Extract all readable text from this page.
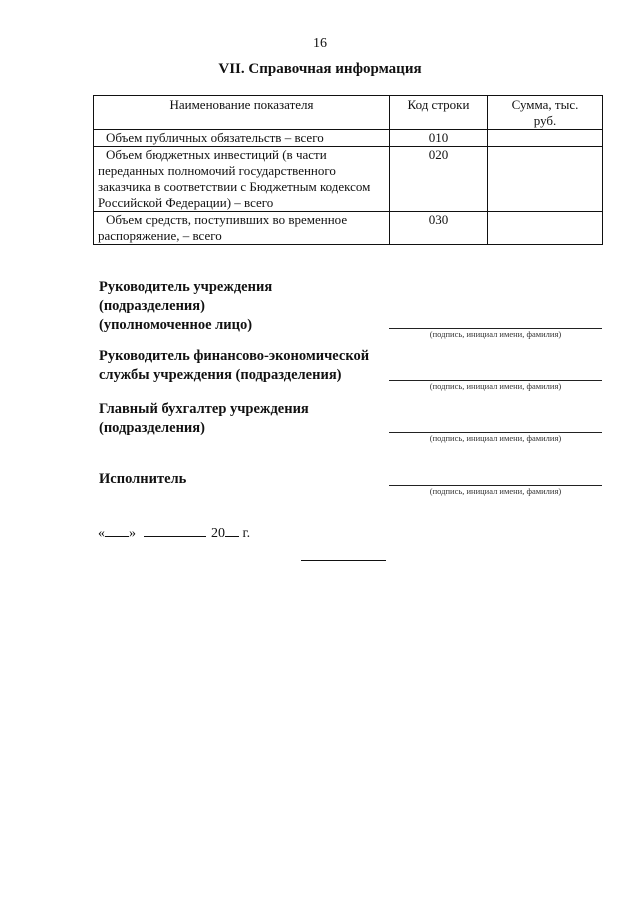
16
VII. Справочная информация
Наименование показателя	Код строки	Сумма, тыс. руб.
Объем публичных обязательств – всего	010	
Объем бюджетных инвестиций (в части переданных полномочий государственного заказчика в соответствии с Бюджетным кодексом Российской Федерации) – всего	020	
Объем средств, поступивших во временное распоряжение, – всего	030	
Руководитель учреждения
(подразделения)
(уполномоченное лицо)
(подпись, инициал имени, фамилия)
Руководитель финансово-экономической
службы учреждения (подразделения)
(подпись, инициал имени, фамилия)
Главный бухгалтер учреждения
(подразделения)
(подпись, инициал имени, фамилия)
Исполнитель
(подпись, инициал имени, фамилия)
« »	20 г.
